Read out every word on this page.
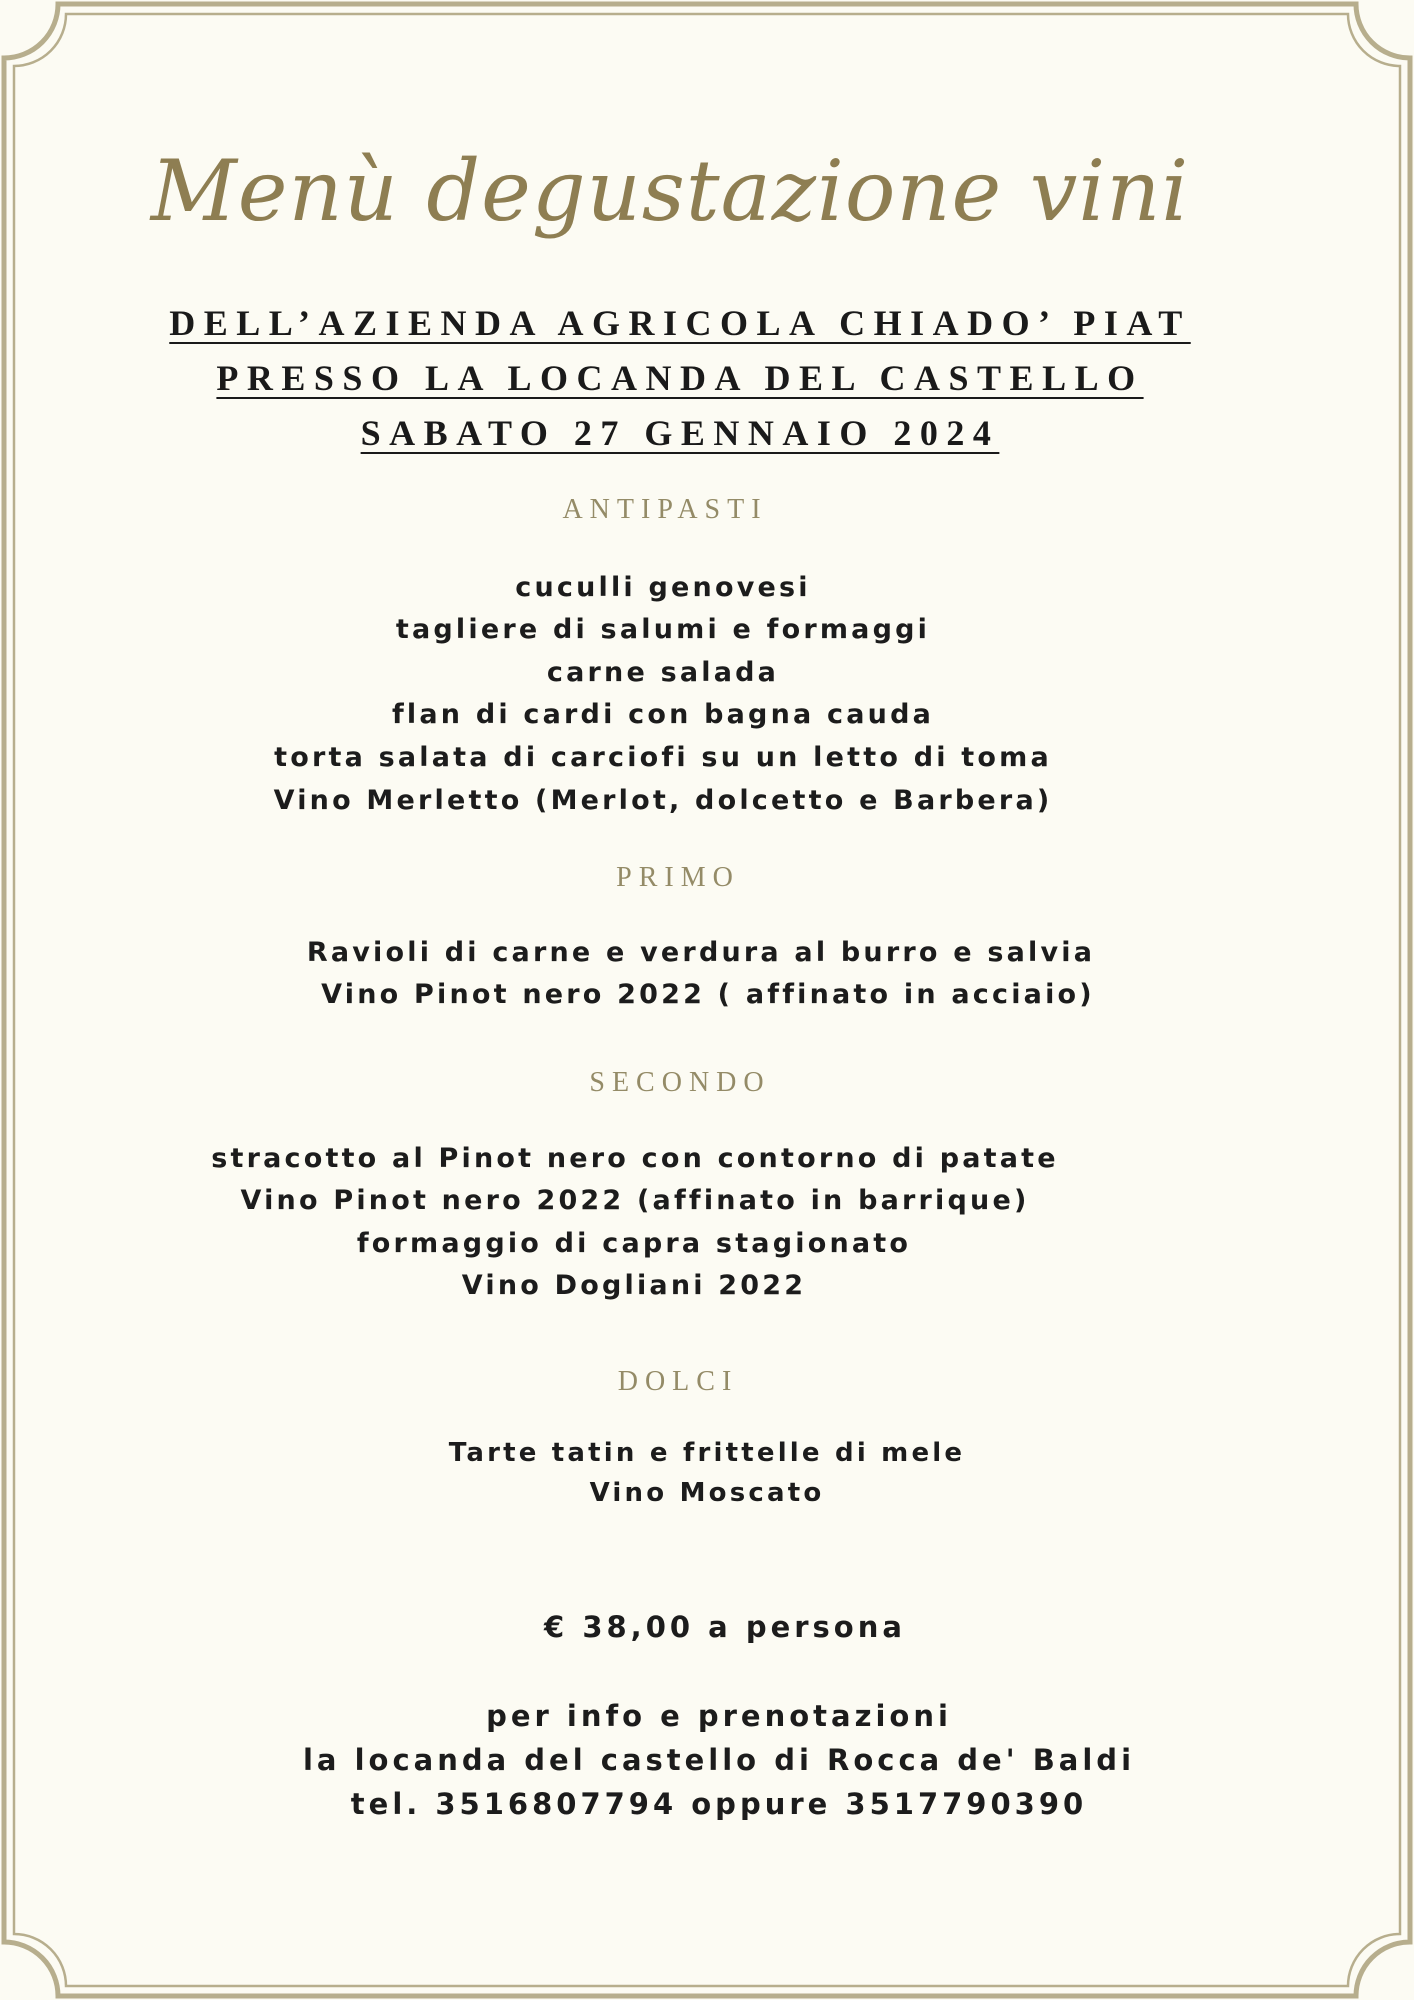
Menù degustazione vini
DELL’AZIENDA AGRICOLA CHIADO’ PIAT
PRESSO LA LOCANDA DEL CASTELLO
SABATO 27 GENNAIO 2024
ANTIPASTI
cuculli genovesi
tagliere di salumi e formaggi
carne salada
flan di cardi con bagna cauda
torta salata di carciofi su un letto di toma
Vino Merletto (Merlot, dolcetto e Barbera)
PRIMO
Ravioli di carne e verdura al burro e salvia
Vino Pinot nero 2022 ( affinato in acciaio)
SECONDO
stracotto al Pinot nero con contorno di patate
Vino Pinot nero 2022 (affinato in barrique)
formaggio di capra stagionato
Vino Dogliani 2022
DOLCI
Tarte tatin e frittelle di mele
Vino Moscato
€ 38,00 a persona
per info e prenotazioni
la locanda del castello di Rocca de' Baldi
tel. 3516807794 oppure 3517790390
